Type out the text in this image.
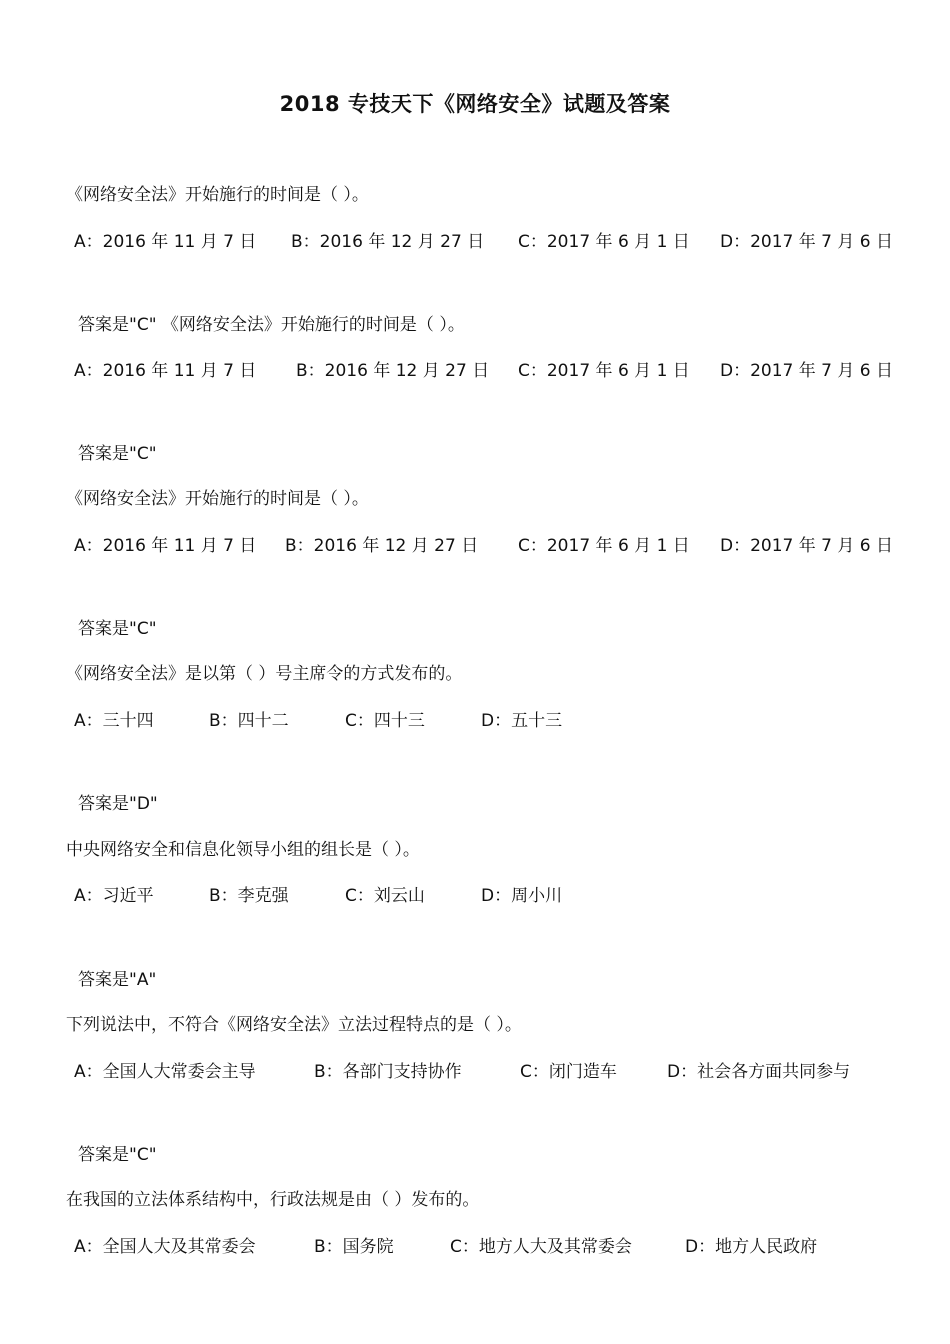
2018 专技天下《网络安全》试题及答案
《网络安全法》开始施行的时间是（ ）。
A：2016 年 11 月 7 日 B：2016 年 12 月 27 日 C：2017 年 6 月 1 日 D：2017 年 7 月 6 日
答案是"C" 《网络安全法》开始施行的时间是（ ）。
A：2016 年 11 月 7 日 B：2016 年 12 月 27 日 C：2017 年 6 月 1 日 D：2017 年 7 月 6 日
答案是"C"
《网络安全法》开始施行的时间是（ ）。
A：2016 年 11 月 7 日 B：2016 年 12 月 27 日 C：2017 年 6 月 1 日 D：2017 年 7 月 6 日
答案是"C"
《网络安全法》是以第（ ）号主席令的方式发布的。
A：三十四	B：四十二	C：四十三	D：五十三
答案是"D"
中央网络安全和信息化领导小组的组长是（ ）。
A：习近平	B：李克强	C：刘云山	D：周小川
答案是"A"
下列说法中，不符合《网络安全法》立法过程特点的是（ ）。
A：全国人大常委会主导	B：各部门支持协作	C：闭门造车	D：社会各方面共同参与
答案是"C"
在我国的立法体系结构中，行政法规是由（ ）发布的。
A：全国人大及其常委会	B：国务院	C：地方人大及其常委会	D：地方人民政府
